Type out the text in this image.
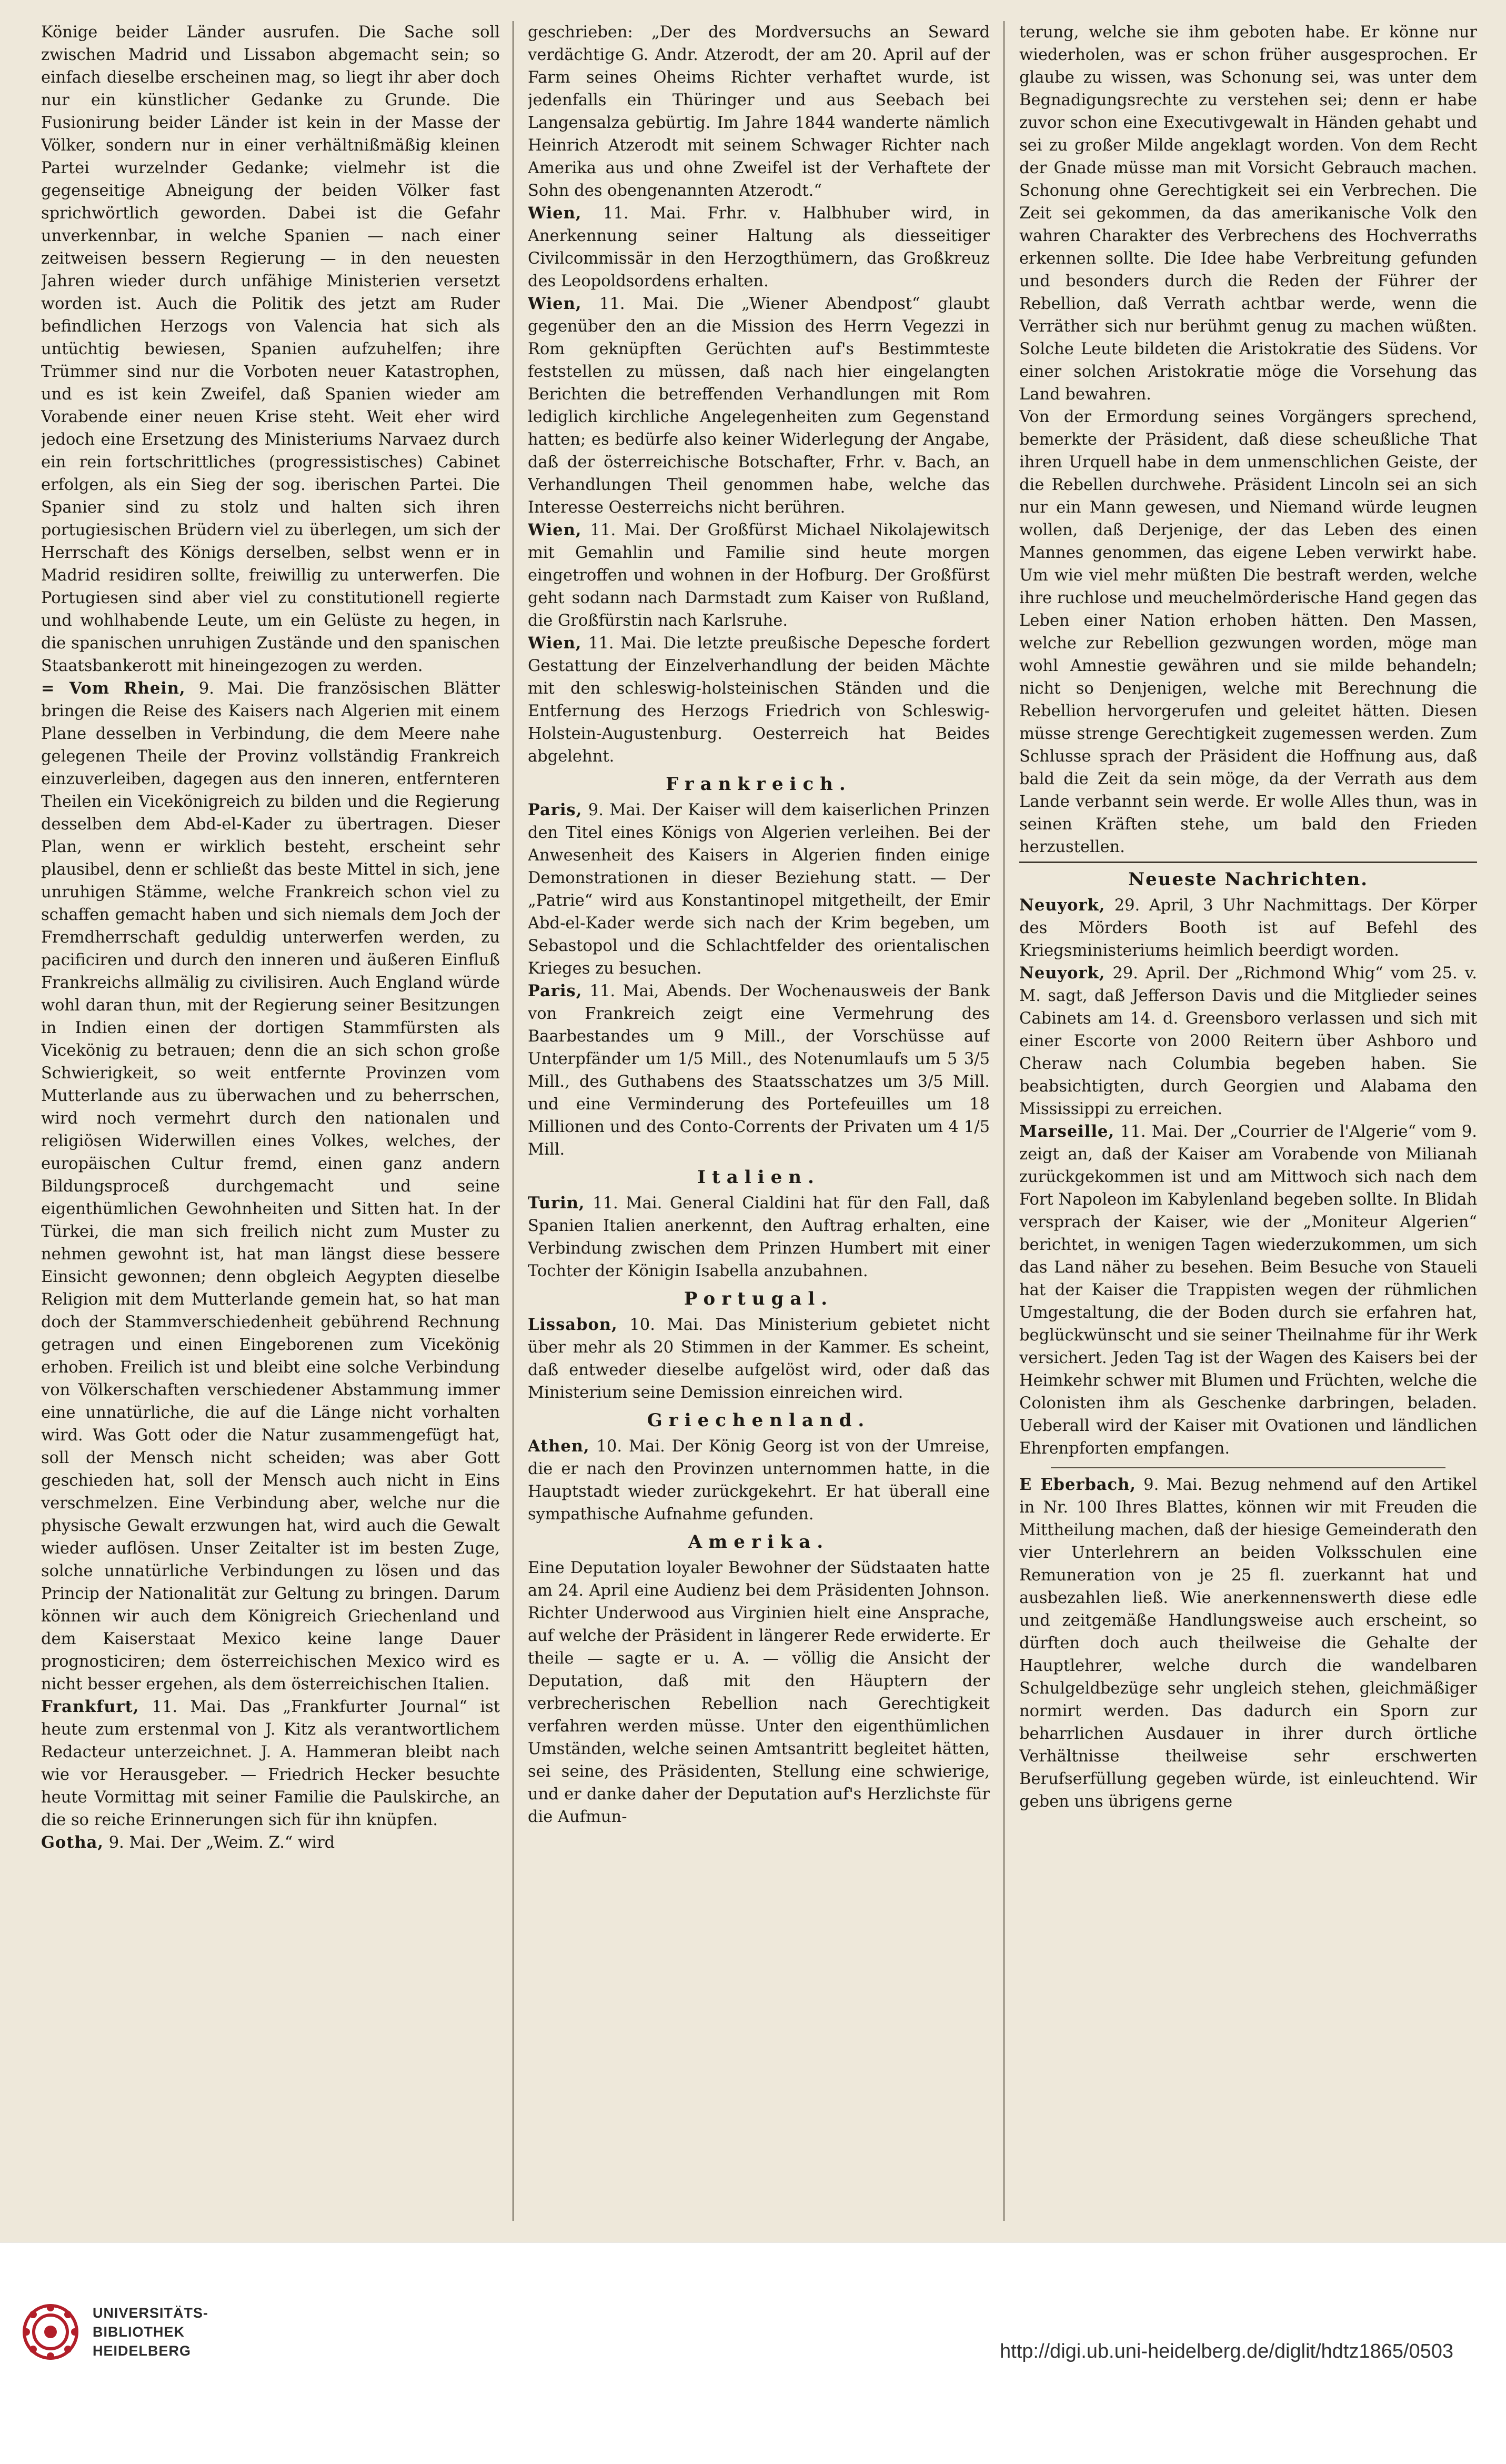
Könige beider Länder ausrufen. Die Sache soll zwischen Madrid und Lissabon abgemacht sein; so einfach dieselbe erscheinen mag, so liegt ihr aber doch nur ein künstlicher Gedanke zu Grunde. Die Fusionirung beider Länder ist kein in der Masse der Völker, sondern nur in einer verhältnißmäßig kleinen Partei wurzelnder Gedanke; vielmehr ist die gegenseitige Abneigung der beiden Völker fast sprichwörtlich geworden. Dabei ist die Gefahr unverkennbar, in welche Spanien — nach einer zeitweisen bessern Regierung — in den neuesten Jahren wieder durch unfähige Ministerien versetzt worden ist. Auch die Politik des jetzt am Ruder befindlichen Herzogs von Valencia hat sich als untüchtig bewiesen, Spanien aufzuhelfen; ihre Trümmer sind nur die Vorboten neuer Katastrophen, und es ist kein Zweifel, daß Spanien wieder am Vorabende einer neuen Krise steht. Weit eher wird jedoch eine Ersetzung des Ministeriums Narvaez durch ein rein fortschrittliches (progressistisches) Cabinet erfolgen, als ein Sieg der sog. iberischen Partei. Die Spanier sind zu stolz und halten sich ihren portugiesischen Brüdern viel zu überlegen, um sich der Herrschaft des Königs derselben, selbst wenn er in Madrid residiren sollte, freiwillig zu unterwerfen. Die Portugiesen sind aber viel zu constitutionell regierte und wohlhabende Leute, um ein Gelüste zu hegen, in die spanischen unruhigen Zustände und den spanischen Staatsbankerott mit hineingezogen zu werden.

= Vom Rhein, 9. Mai. Die französischen Blätter bringen die Reise des Kaisers nach Algerien mit einem Plane desselben in Verbindung, die dem Meere nahe gelegenen Theile der Provinz vollständig Frankreich einzuverleiben, dagegen aus den inneren, entfernteren Theilen ein Vicekönigreich zu bilden und die Regierung desselben dem Abd-el-Kader zu übertragen. Dieser Plan, wenn er wirklich besteht, erscheint sehr plausibel, denn er schließt das beste Mittel in sich, jene unruhigen Stämme, welche Frankreich schon viel zu schaffen gemacht haben und sich niemals dem Joch der Fremdherrschaft geduldig unterwerfen werden, zu pacificiren und durch den inneren und äußeren Einfluß Frankreichs allmälig zu civilisiren. Auch England würde wohl daran thun, mit der Regierung seiner Besitzungen in Indien einen der dortigen Stammfürsten als Vicekönig zu betrauen; denn die an sich schon große Schwierigkeit, so weit entfernte Provinzen vom Mutterlande aus zu überwachen und zu beherrschen, wird noch vermehrt durch den nationalen und religiösen Widerwillen eines Volkes, welches, der europäischen Cultur fremd, einen ganz andern Bildungsproceß durchgemacht und seine eigenthümlichen Gewohnheiten und Sitten hat. In der Türkei, die man sich freilich nicht zum Muster zu nehmen gewohnt ist, hat man längst diese bessere Einsicht gewonnen; denn obgleich Aegypten dieselbe Religion mit dem Mutterlande gemein hat, so hat man doch der Stammverschiedenheit gebührend Rechnung getragen und einen Eingeborenen zum Vicekönig erhoben. Freilich ist und bleibt eine solche Verbindung von Völkerschaften verschiedener Abstammung immer eine unnatürliche, die auf die Länge nicht vorhalten wird. Was Gott oder die Natur zusammengefügt hat, soll der Mensch nicht scheiden; was aber Gott geschieden hat, soll der Mensch auch nicht in Eins verschmelzen. Eine Verbindung aber, welche nur die physische Gewalt erzwungen hat, wird auch die Gewalt wieder auflösen. Unser Zeitalter ist im besten Zuge, solche unnatürliche Verbindungen zu lösen und das Princip der Nationalität zur Geltung zu bringen. Darum können wir auch dem Königreich Griechenland und dem Kaiserstaat Mexico keine lange Dauer prognosticiren; dem österreichischen Mexico wird es nicht besser ergehen, als dem österreichischen Italien.

Frankfurt, 11. Mai. Das „Frankfurter Journal“ ist heute zum erstenmal von J. Kitz als verantwortlichem Redacteur unterzeichnet. J. A. Hammeran bleibt nach wie vor Herausgeber. — Friedrich Hecker besuchte heute Vormittag mit seiner Familie die Paulskirche, an die so reiche Erinnerungen sich für ihn knüpfen.

Gotha, 9. Mai. Der „Weim. Z.“ wird

geschrieben: „Der des Mordversuchs an Seward verdächtige G. Andr. Atzerodt, der am 20. April auf der Farm seines Oheims Richter verhaftet wurde, ist jedenfalls ein Thüringer und aus Seebach bei Langensalza gebürtig. Im Jahre 1844 wanderte nämlich Heinrich Atzerodt mit seinem Schwager Richter nach Amerika aus und ohne Zweifel ist der Verhaftete der Sohn des obengenannten Atzerodt.“

Wien, 11. Mai. Frhr. v. Halbhuber wird, in Anerkennung seiner Haltung als diesseitiger Civilcommissär in den Herzogthümern, das Großkreuz des Leopoldsordens erhalten.

Wien, 11. Mai. Die „Wiener Abendpost“ glaubt gegenüber den an die Mission des Herrn Vegezzi in Rom geknüpften Gerüchten auf's Bestimmteste feststellen zu müssen, daß nach hier eingelangten Berichten die betreffenden Verhandlungen mit Rom lediglich kirchliche Angelegenheiten zum Gegenstand hatten; es bedürfe also keiner Widerlegung der Angabe, daß der österreichische Botschafter, Frhr. v. Bach, an Verhandlungen Theil genommen habe, welche das Interesse Oesterreichs nicht berühren.

Wien, 11. Mai. Der Großfürst Michael Nikolajewitsch mit Gemahlin und Familie sind heute morgen eingetroffen und wohnen in der Hofburg. Der Großfürst geht sodann nach Darmstadt zum Kaiser von Rußland, die Großfürstin nach Karlsruhe.

Wien, 11. Mai. Die letzte preußische Depesche fordert Gestattung der Einzelverhandlung der beiden Mächte mit den schleswig-holsteinischen Ständen und die Entfernung des Herzogs Friedrich von Schleswig-Holstein-Augustenburg. Oesterreich hat Beides abgelehnt.

Frankreich.

Paris, 9. Mai. Der Kaiser will dem kaiserlichen Prinzen den Titel eines Königs von Algerien verleihen. Bei der Anwesenheit des Kaisers in Algerien finden einige Demonstrationen in dieser Beziehung statt. — Der „Patrie“ wird aus Konstantinopel mitgetheilt, der Emir Abd-el-Kader werde sich nach der Krim begeben, um Sebastopol und die Schlachtfelder des orientalischen Krieges zu besuchen.

Paris, 11. Mai, Abends. Der Wochenausweis der Bank von Frankreich zeigt eine Vermehrung des Baarbestandes um 9 Mill., der Vorschüsse auf Unterpfänder um 1/5 Mill., des Notenumlaufs um 5 3/5 Mill., des Guthabens des Staatsschatzes um 3/5 Mill. und eine Verminderung des Portefeuilles um 18 Millionen und des Conto-Corrents der Privaten um 4 1/5 Mill.

Italien.

Turin, 11. Mai. General Cialdini hat für den Fall, daß Spanien Italien anerkennt, den Auftrag erhalten, eine Verbindung zwischen dem Prinzen Humbert mit einer Tochter der Königin Isabella anzubahnen.

Portugal.

Lissabon, 10. Mai. Das Ministerium gebietet nicht über mehr als 20 Stimmen in der Kammer. Es scheint, daß entweder dieselbe aufgelöst wird, oder daß das Ministerium seine Demission einreichen wird.

Griechenland.

Athen, 10. Mai. Der König Georg ist von der Umreise, die er nach den Provinzen unternommen hatte, in die Hauptstadt wieder zurückgekehrt. Er hat überall eine sympathische Aufnahme gefunden.

Amerika.

Eine Deputation loyaler Bewohner der Südstaaten hatte am 24. April eine Audienz bei dem Präsidenten Johnson. Richter Underwood aus Virginien hielt eine Ansprache, auf welche der Präsident in längerer Rede erwiderte. Er theile — sagte er u. A. — völlig die Ansicht der Deputation, daß mit den Häuptern der verbrecherischen Rebellion nach Gerechtigkeit verfahren werden müsse. Unter den eigenthümlichen Umständen, welche seinen Amtsantritt begleitet hätten, sei seine, des Präsidenten, Stellung eine schwierige, und er danke daher der Deputation auf's Herzlichste für die Aufmun-

terung, welche sie ihm geboten habe. Er könne nur wiederholen, was er schon früher ausgesprochen. Er glaube zu wissen, was Schonung sei, was unter dem Begnadigungsrechte zu verstehen sei; denn er habe zuvor schon eine Executivgewalt in Händen gehabt und sei zu großer Milde angeklagt worden. Von dem Recht der Gnade müsse man mit Vorsicht Gebrauch machen. Schonung ohne Gerechtigkeit sei ein Verbrechen. Die Zeit sei gekommen, da das amerikanische Volk den wahren Charakter des Verbrechens des Hochverraths erkennen sollte. Die Idee habe Verbreitung gefunden und besonders durch die Reden der Führer der Rebellion, daß Verrath achtbar werde, wenn die Verräther sich nur berühmt genug zu machen wüßten. Solche Leute bildeten die Aristokratie des Südens. Vor einer solchen Aristokratie möge die Vorsehung das Land bewahren.

Von der Ermordung seines Vorgängers sprechend, bemerkte der Präsident, daß diese scheußliche That ihren Urquell habe in dem unmenschlichen Geiste, der die Rebellen durchwehe. Präsident Lincoln sei an sich nur ein Mann gewesen, und Niemand würde leugnen wollen, daß Derjenige, der das Leben des einen Mannes genommen, das eigene Leben verwirkt habe. Um wie viel mehr müßten Die bestraft werden, welche ihre ruchlose und meuchelmörderische Hand gegen das Leben einer Nation erhoben hätten. Den Massen, welche zur Rebellion gezwungen worden, möge man wohl Amnestie gewähren und sie milde behandeln; nicht so Denjenigen, welche mit Berechnung die Rebellion hervorgerufen und geleitet hätten. Diesen müsse strenge Gerechtigkeit zugemessen werden. Zum Schlusse sprach der Präsident die Hoffnung aus, daß bald die Zeit da sein möge, da der Verrath aus dem Lande verbannt sein werde. Er wolle Alles thun, was in seinen Kräften stehe, um bald den Frieden herzustellen.

Neueste Nachrichten.

Neuyork, 29. April, 3 Uhr Nachmittags. Der Körper des Mörders Booth ist auf Befehl des Kriegsministeriums heimlich beerdigt worden.

Neuyork, 29. April. Der „Richmond Whig“ vom 25. v. M. sagt, daß Jefferson Davis und die Mitglieder seines Cabinets am 14. d. Greensboro verlassen und sich mit einer Escorte von 2000 Reitern über Ashboro und Cheraw nach Columbia begeben haben. Sie beabsichtigten, durch Georgien und Alabama den Mississippi zu erreichen.

Marseille, 11. Mai. Der „Courrier de l'Algerie“ vom 9. zeigt an, daß der Kaiser am Vorabende von Milianah zurückgekommen ist und am Mittwoch sich nach dem Fort Napoleon im Kabylenland begeben sollte. In Blidah versprach der Kaiser, wie der „Moniteur Algerien“ berichtet, in wenigen Tagen wiederzukommen, um sich das Land näher zu besehen. Beim Besuche von Staueli hat der Kaiser die Trappisten wegen der rühmlichen Umgestaltung, die der Boden durch sie erfahren hat, beglückwünscht und sie seiner Theilnahme für ihr Werk versichert. Jeden Tag ist der Wagen des Kaisers bei der Heimkehr schwer mit Blumen und Früchten, welche die Colonisten ihm als Geschenke darbringen, beladen. Ueberall wird der Kaiser mit Ovationen und ländlichen Ehrenpforten empfangen.

E Eberbach, 9. Mai. Bezug nehmend auf den Artikel in Nr. 100 Ihres Blattes, können wir mit Freuden die Mittheilung machen, daß der hiesige Gemeinderath den vier Unterlehrern an beiden Volksschulen eine Remuneration von je 25 fl. zuerkannt hat und ausbezahlen ließ. Wie anerkennenswerth diese edle und zeitgemäße Handlungsweise auch erscheint, so dürften doch auch theilweise die Gehalte der Hauptlehrer, welche durch die wandelbaren Schulgeldbezüge sehr ungleich stehen, gleichmäßiger normirt werden. Das dadurch ein Sporn zur beharrlichen Ausdauer in ihrer durch örtliche Verhältnisse theilweise sehr erschwerten Berufserfüllung gegeben würde, ist einleuchtend. Wir geben uns übrigens gerne

UNIVERSITÄTS-
BIBLIOTHEK
HEIDELBERG	http://digi.ub.uni-heidelberg.de/diglit/hdtz1865/0503
